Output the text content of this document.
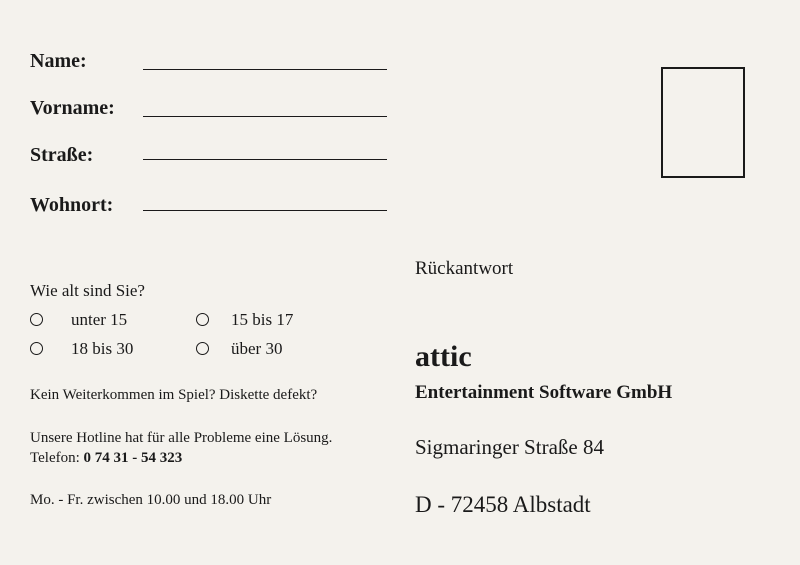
Name:
Vorname:
Straße:
Wohnort:
Wie alt sind Sie?
unter 15	15 bis 17
18 bis 30	über 30
Kein Weiterkommen im Spiel? Diskette defekt?
Unsere Hotline hat für alle Probleme eine Lösung.
Telefon: 0 74 31 - 54 323
Mo. - Fr. zwischen 10.00 und 18.00 Uhr
Rückantwort
attic
Entertainment Software GmbH
Sigmaringer Straße 84
D - 72458 Albstadt
